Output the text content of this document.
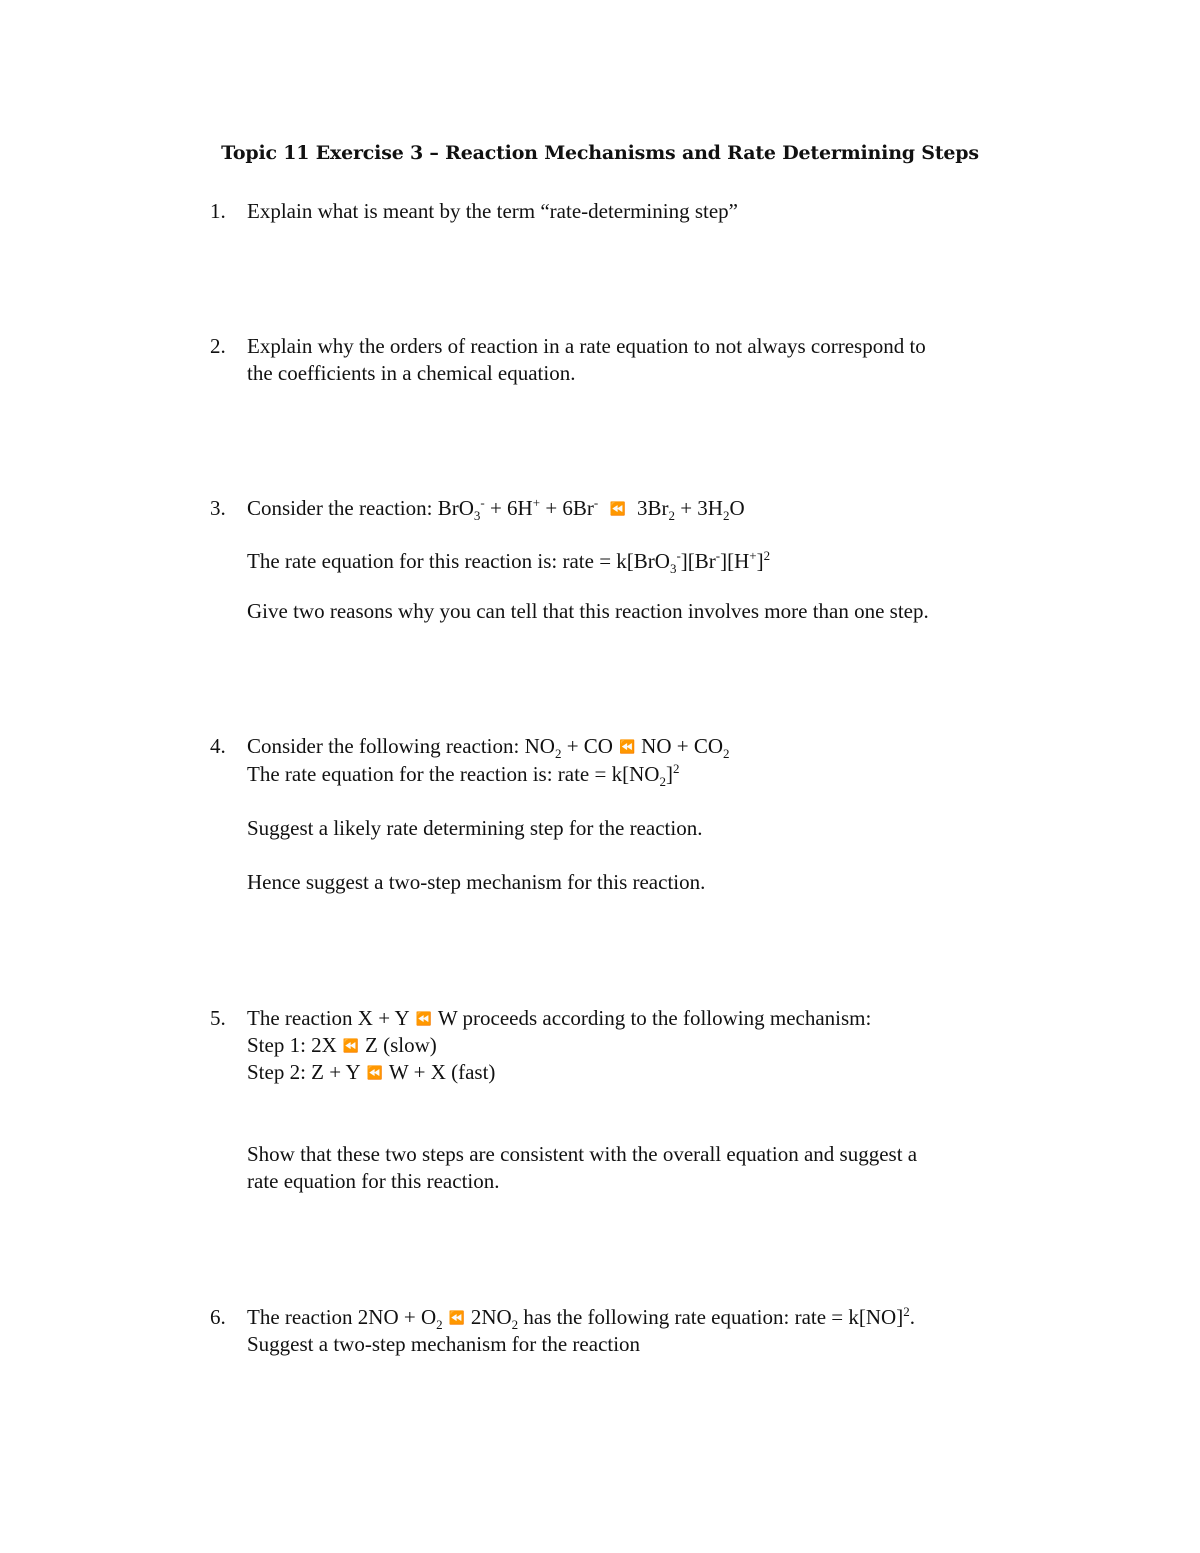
Topic 11 Exercise 3 – Reaction Mechanisms and Rate Determining Steps
1. Explain what is meant by the term “rate-determining step”
2. Explain why the orders of reaction in a rate equation to not always correspond to
the coefficients in a chemical equation.
3. Consider the reaction: BrO$_3$- + 6H+ + 6Br- ⏪ $3Br_2 + 3H_2O$
The rate equation for this reaction is: rate = $k[BrO_3^-][Br^-][H^+]^2$
Give two reasons why you can tell that this reaction involves more than one step.
4. Consider the following reaction: $NO_2$ + CO ⏪ NO + $CO_2$
The rate equation for the reaction is: rate = $k[NO_2]^2$
Suggest a likely rate determining step for the reaction.
Hence suggest a two-step mechanism for this reaction.
5. The reaction X + Y ⏪ W proceeds according to the following mechanism:
Step 1: 2X ⏪ Z (slow)
Step 2: Z + Y ⏪ W + X (fast)
Show that these two steps are consistent with the overall equation and suggest a
rate equation for this reaction.
6. The reaction $2NO + O_2$ ⏪ $2NO_2$ has the following rate equation: rate = k[NO]$^2$.
Suggest a two-step mechanism for the reaction
